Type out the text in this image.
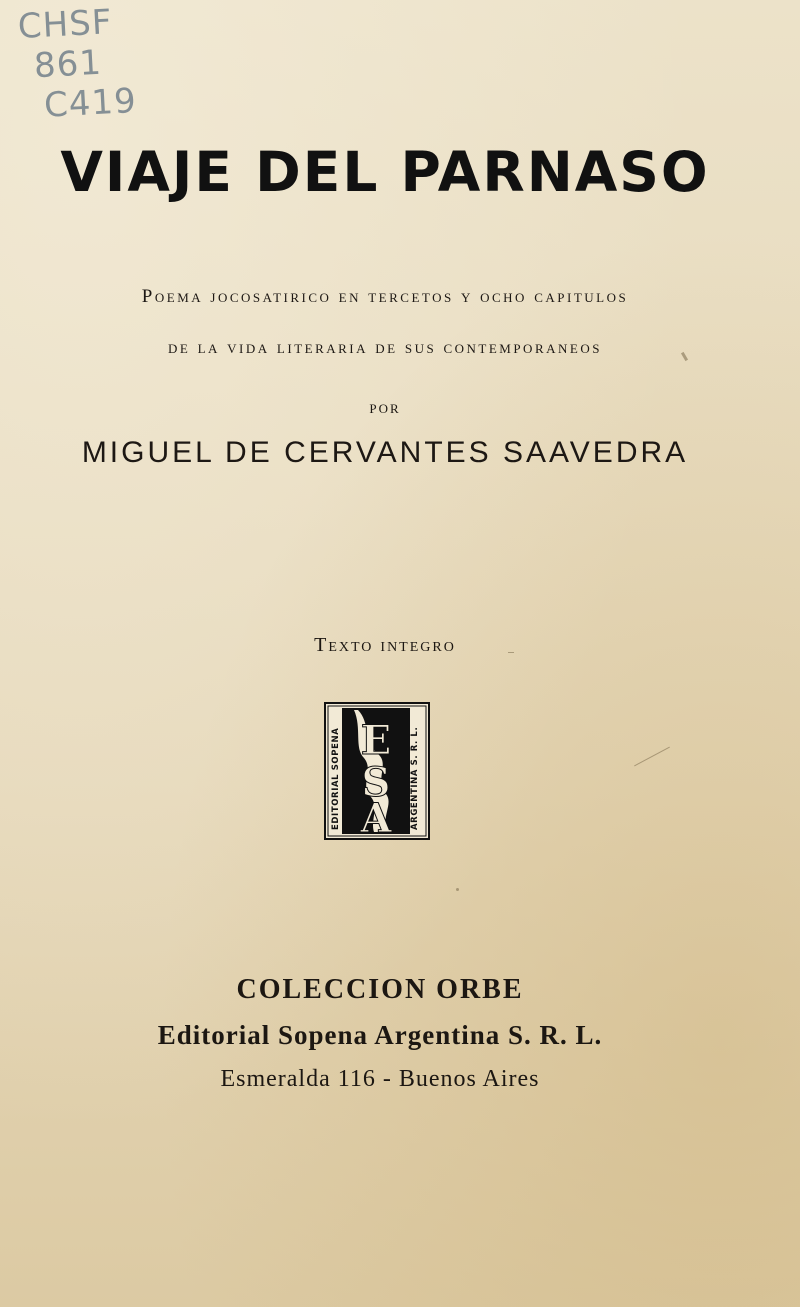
CHSF
861
C419
VIAJE DEL PARNASO
Poema jocosatirico en tercetos y ocho capitulos
de la vida literaria de sus contemporaneos
por
MIGUEL DE CERVANTES SAAVEDRA
Texto integro
E
S
A
EDITORIAL SOPENA	ARGENTINA S. R. L.
COLECCION ORBE
Editorial Sopena Argentina S. R. L.
Esmeralda 116 - Buenos Aires
